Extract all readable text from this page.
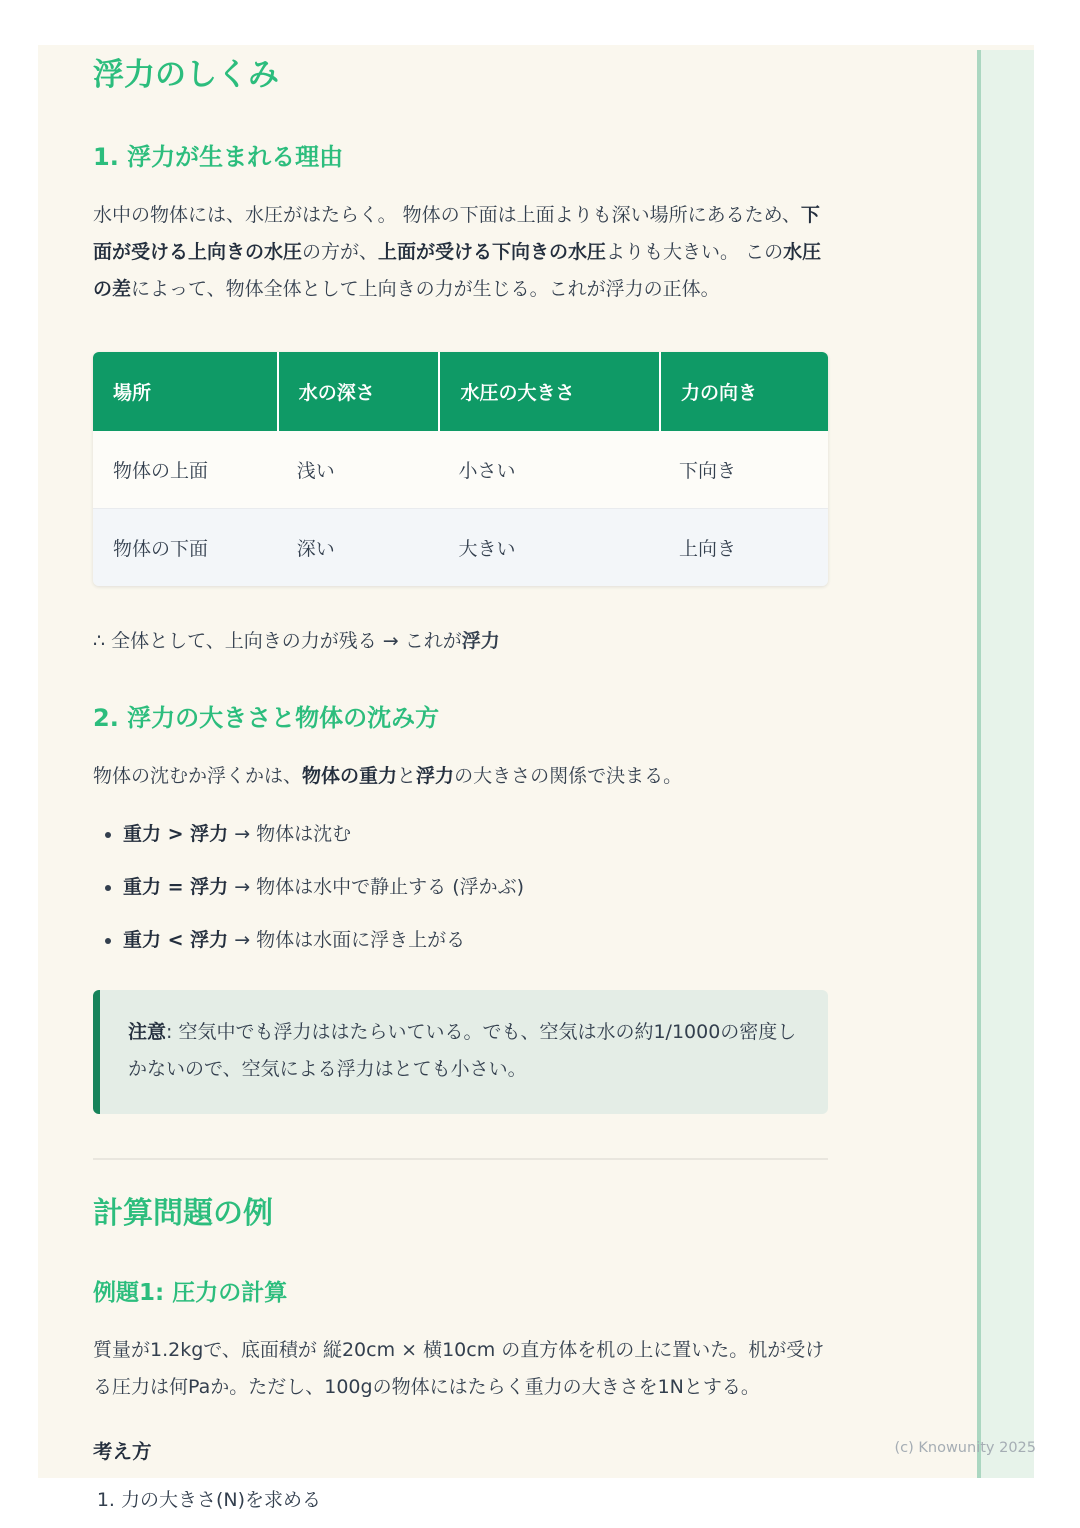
浮力のしくみ
1. 浮力が生まれる理由

水中の物体には、水圧がはたらく。 物体の下面は上面よりも深い場所にあるため、下面が受ける上向きの水圧の方が、上面が受ける下向きの水圧よりも大きい。 この水圧の差によって、物体全体として上向きの力が生じる。これが浮力の正体。

場所	水の深さ	水圧の大きさ	力の向き
物体の上面	浅い	小さい	下向き
物体の下面	深い	大きい	上向き

∴ 全体として、上向きの力が残る → これが浮力

2. 浮力の大きさと物体の沈み方

物体の沈むか浮くかは、物体の重力と浮力の大きさの関係で決まる。

• 重力 > 浮力 → 物体は沈む
• 重力 = 浮力 → 物体は水中で静止する (浮かぶ)
• 重力 < 浮力 → 物体は水面に浮き上がる
注意: 空気中でも浮力ははたらいている。でも、空気は水の約1/1000の密度しかないので、空気による浮力はとても小さい。
計算問題の例
例題1: 圧力の計算

質量が1.2kgで、底面積が 縦20cm × 横10cm の直方体を机の上に置いた。机が受ける圧力は何Paか。ただし、100gの物体にはたらく重力の大きさを1Nとする。

考え方

1. 力の大きさ(N)を求める
(c) Knowunity 2025
